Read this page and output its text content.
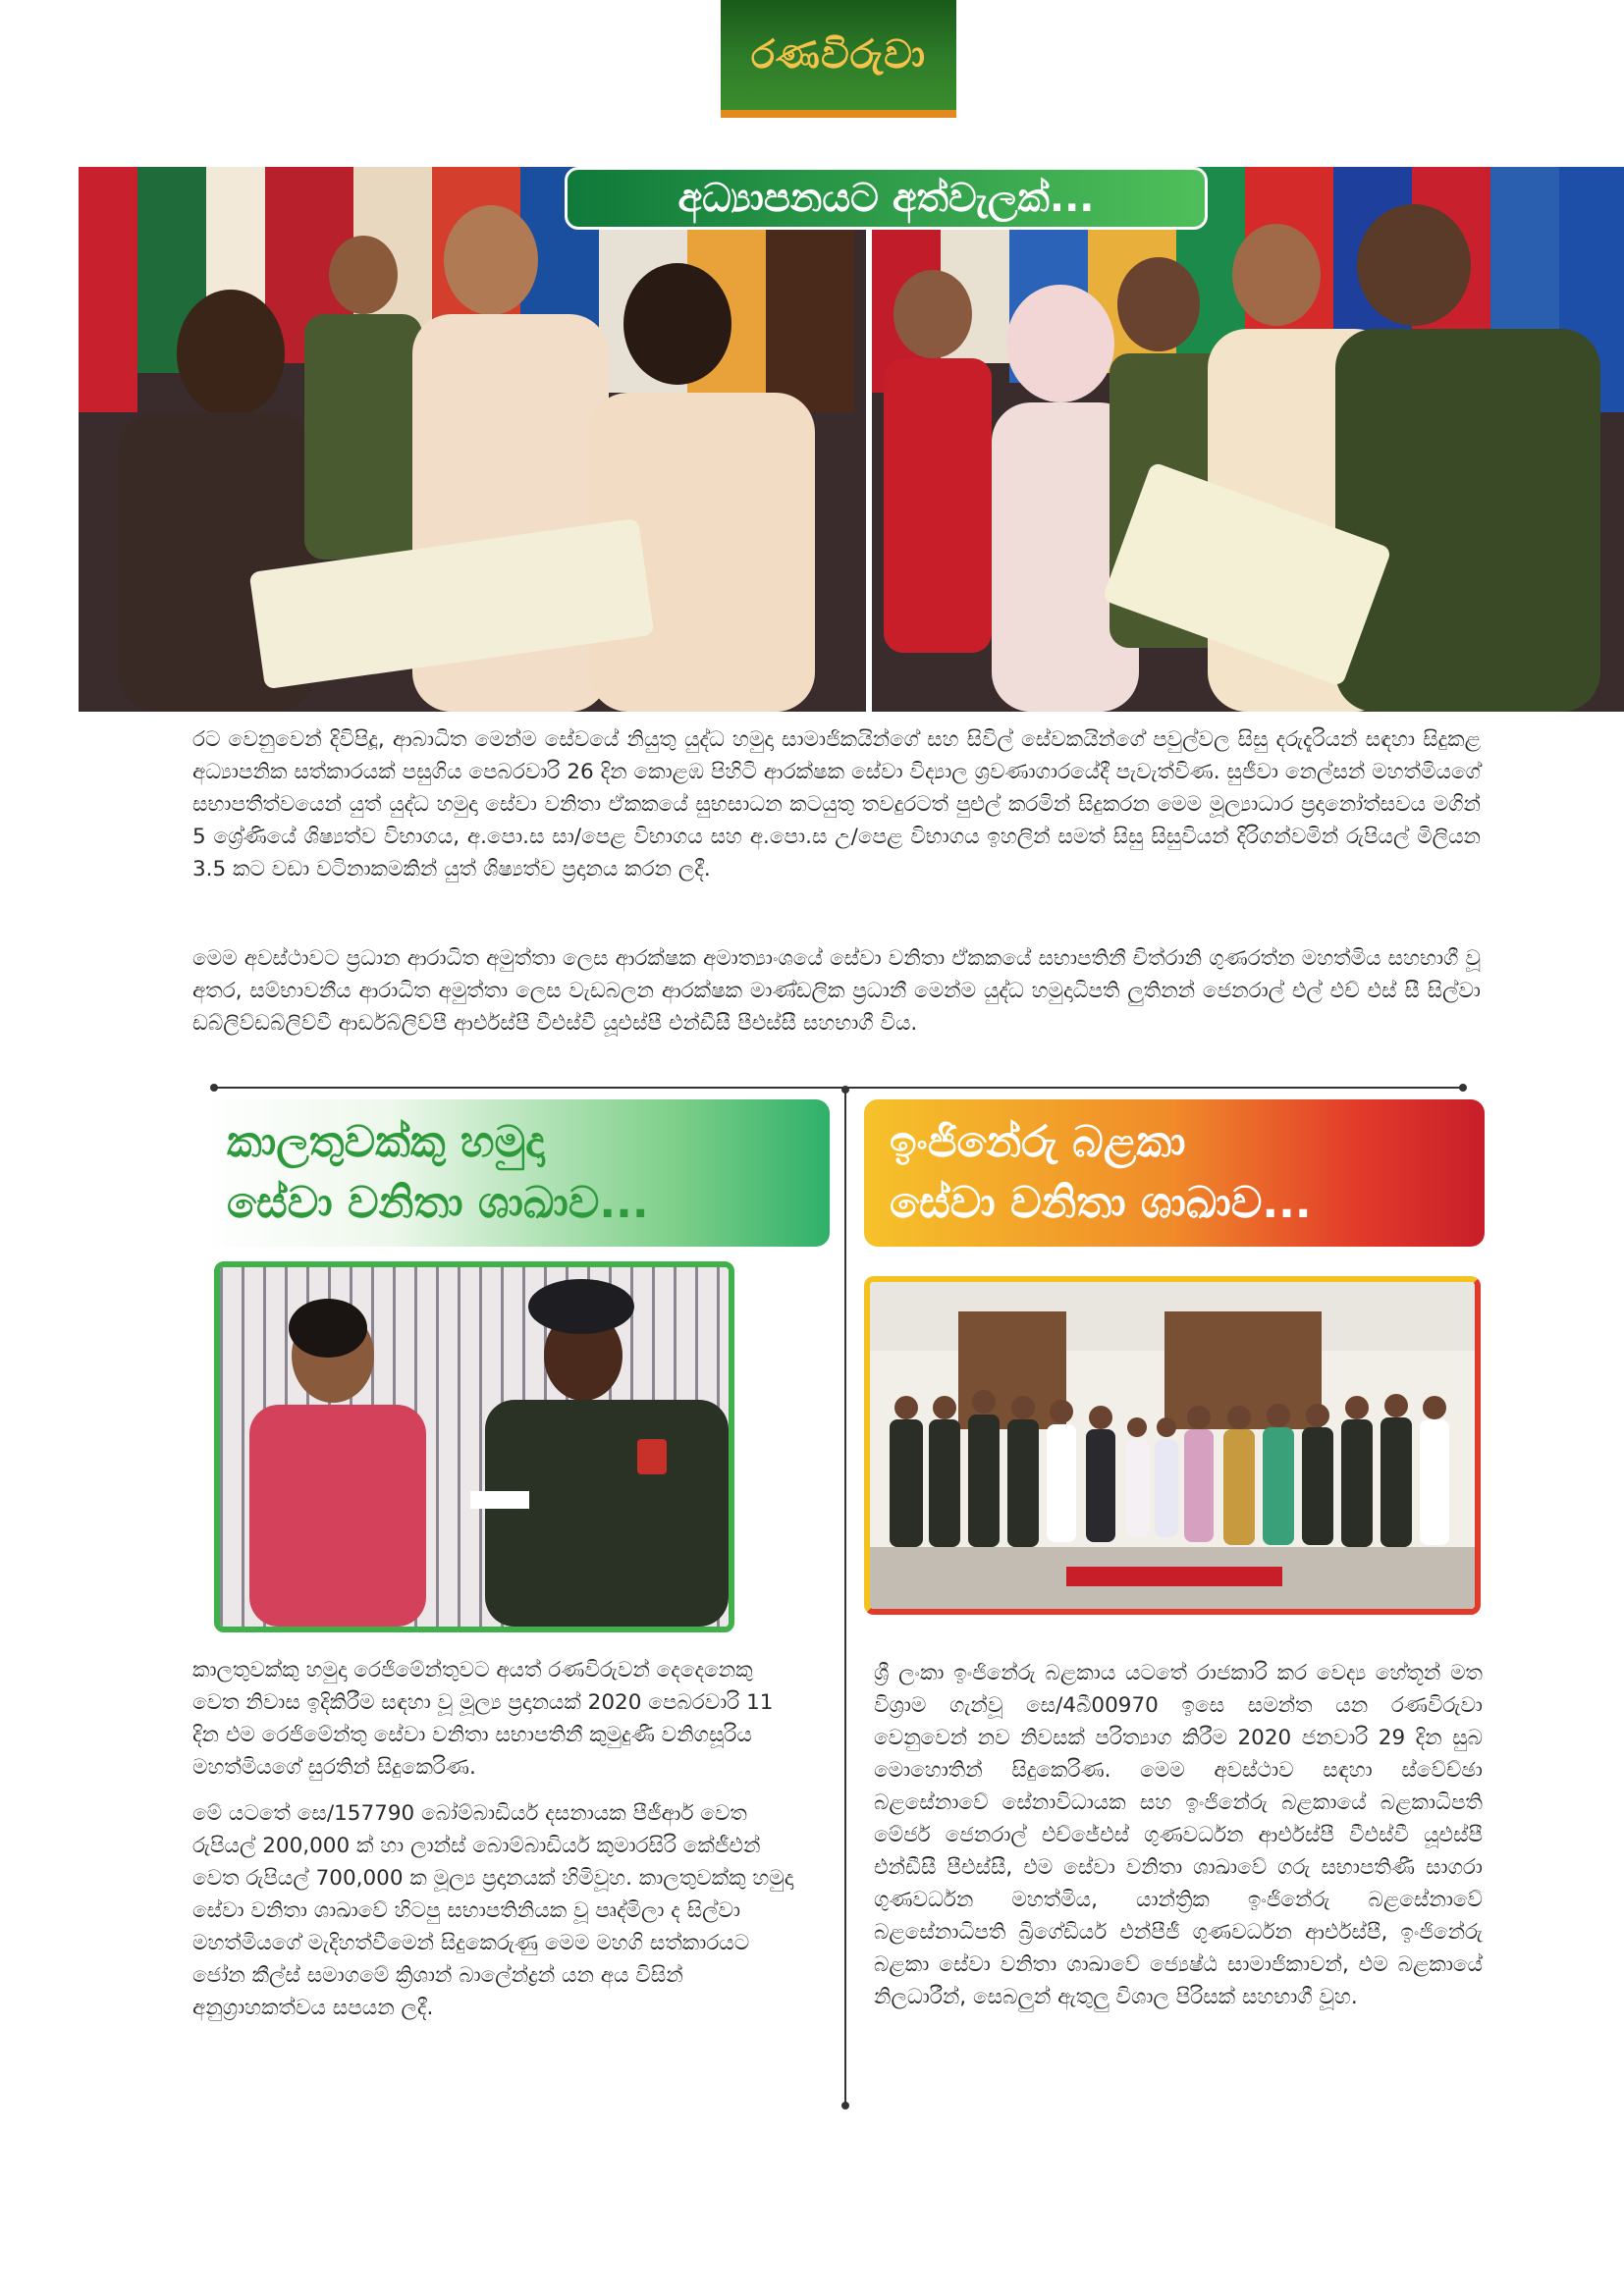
රණවිරුවා
අධ්‍යාපනයට අත්වැලක්...

රට වෙනුවෙන් දිවිපිදූ, ආබාධිත මෙන්ම සේවයේ නියුතු යුද්ධ හමුදා සාමාජිකයින්ගේ සහ සිවිල් සේවකයින්ගේ පවුල්වල සිසු දරුදැරියන් සඳහා සිදුකළ අධ්‍යාපනික සත්කාරයක් පසුගිය පෙබරවාරි 26 දින කොළඹ පිහිටි ආරක්ෂක සේවා විද්‍යාල ශ්‍රවණාගාරයේදී පැවැත්විණ. සුජීවා නෙල්සන් මහත්මියගේ සභාපතීත්වයෙන් යුත් යුද්ධ හමුදා සේවා වනිතා ඒකකයේ සුභසාධන කටයුතු තවදුරටත් පුළුල් කරමින් සිදුකරන මෙම මූල්‍යාධාර ප්‍රදානෝත්සවය මගින් 5 ශ්‍රේණියේ ශිෂ්‍යත්ව විභාගය, අ.පො.ස සා/පෙළ විභාගය සහ අ.පො.ස උ/පෙළ විභාගය ඉහලින් සමත් සිසු සිසුවියන් දිරිගන්වමින් රුපියල් මිලියන 3.5 කට වඩා වටිනාකමකින් යුත් ශිෂ්‍යත්ව ප්‍රදානය කරන ලදී.

මෙම අවස්ථාවට ප්‍රධාන ආරාධිත අමුත්තා ලෙස ආරක්ෂක අමාත්‍යාංශයේ සේවා වනිතා ඒකකයේ සභාපතිනී චිත්රානි ගුණරත්න මහත්මිය සහභාගී වූ අතර, සම්භාවනීය ආරාධිත අමුත්තා ලෙස වැඩබලන ආරක්ෂක මාණ්ඩලික ප්‍රධානී මෙන්ම යුද්ධ හමුදාධිපති ලුතිනන් ජෙනරාල් එල් එච් එස් සී සිල්වා ඩබ්ලිව්ඩබ්ලිව්වී ආර්ඩබ්ලිව්පී ආර්එස්පී වීඑස්වී යූඑස්පී එන්ඩීසී පීඑස්සී සහභාගී විය.

කාලතුවක්කු හමුදා
සේවා වනිතා ශාඛාව...

කාලතුවක්කු හමුදා රෙජිමේන්තුවට අයත් රණවිරුවන් දෙදෙනෙකු වෙත නිවාස ඉදිකිරීම සඳහා වූ මූල්‍ය ප්‍රදානයක් 2020 පෙබරවාරි 11 දින එම රෙජිමේන්තු සේවා වනිතා සභාපතිනී කුමුදුණී වනිගසූරිය මහත්මියගේ සුරතින් සිදුකෙරිණ.

මේ යටතේ සෙ/157790 බෝම්බාඩියර් දසනායක පීජීආර් වෙත රුපියල් 200,000 ක් හා ලාන්ස් බොම්බාඩියර් කුමාරසිරි කේජීඑන් වෙත රුපියල් 700,000 ක මූල්‍ය ප්‍රදානයක් හිමිවූහ. කාලතුවක්කු හමුදා සේවා වනිතා ශාඛාවේ හිටපු සභාපතිනියක වූ ප්‍රුද්මිලා ද සිල්වා මහත්මියගේ මැදිහත්වීමෙන් සිදුකෙරුණු මෙම මහගි සත්කාරයට ජෝන කීල්ස් සමාගමේ ක්‍රිශාන් බාලේන්ද්‍රන් යන අය විසින් අනුග්‍රාහකත්වය සපයන ලදී.

ඉංජිනේරු බළකා
සේවා වනිතා ශාඛාව...

ශ්‍රී ලංකා ඉංජිනේරු බළකාය යටතේ රාජකාරි කර වෙද්‍ය හේතූන් මත විශ්‍රාම ගැන්වූ සෙ/4බී00970 ඉසෙ සමන්ත යන රණවිරුවා වෙනුවෙන් නව නිවසක් පරිත්‍යාග කිරීම 2020 ජනවාරි 29 දින සුබ මොහොතින් සිදුකෙරිණ. මෙම අවස්ථාව සඳහා ස්වේච්ඡා බළසේනාවේ සේනාවිධායක සහ ඉංජිනේරු බළකායේ බළකාධිපති මේජර් ජෙනරාල් එච්ජේඑස් ගුණවර්ධන ආර්එස්පී වීඑස්වී යූඑස්පී එන්ඩීසී පීඑස්සී, එම සේවා වනිතා ශාඛාවේ ගරු සභාපතිණී සාගරා ගුණවර්ධන මහත්මිය, යාන්ත්‍රික ඉංජිනේරු බළසේනාවේ බළසේනාධිපති බ්‍රිගේඩියර් එන්පීජී ගුණවර්ධන ආර්එස්පී, ඉංජිනේරු බළකා සේවා වනිතා ශාඛාවේ ජ්‍යෙෂ්ඨ සාමාජිකාවන්, එම බළකායේ නිලධාරීන්, සෙබලුන් ඇතුලු විශාල පිරිසක් සහභාගී වූහ.
